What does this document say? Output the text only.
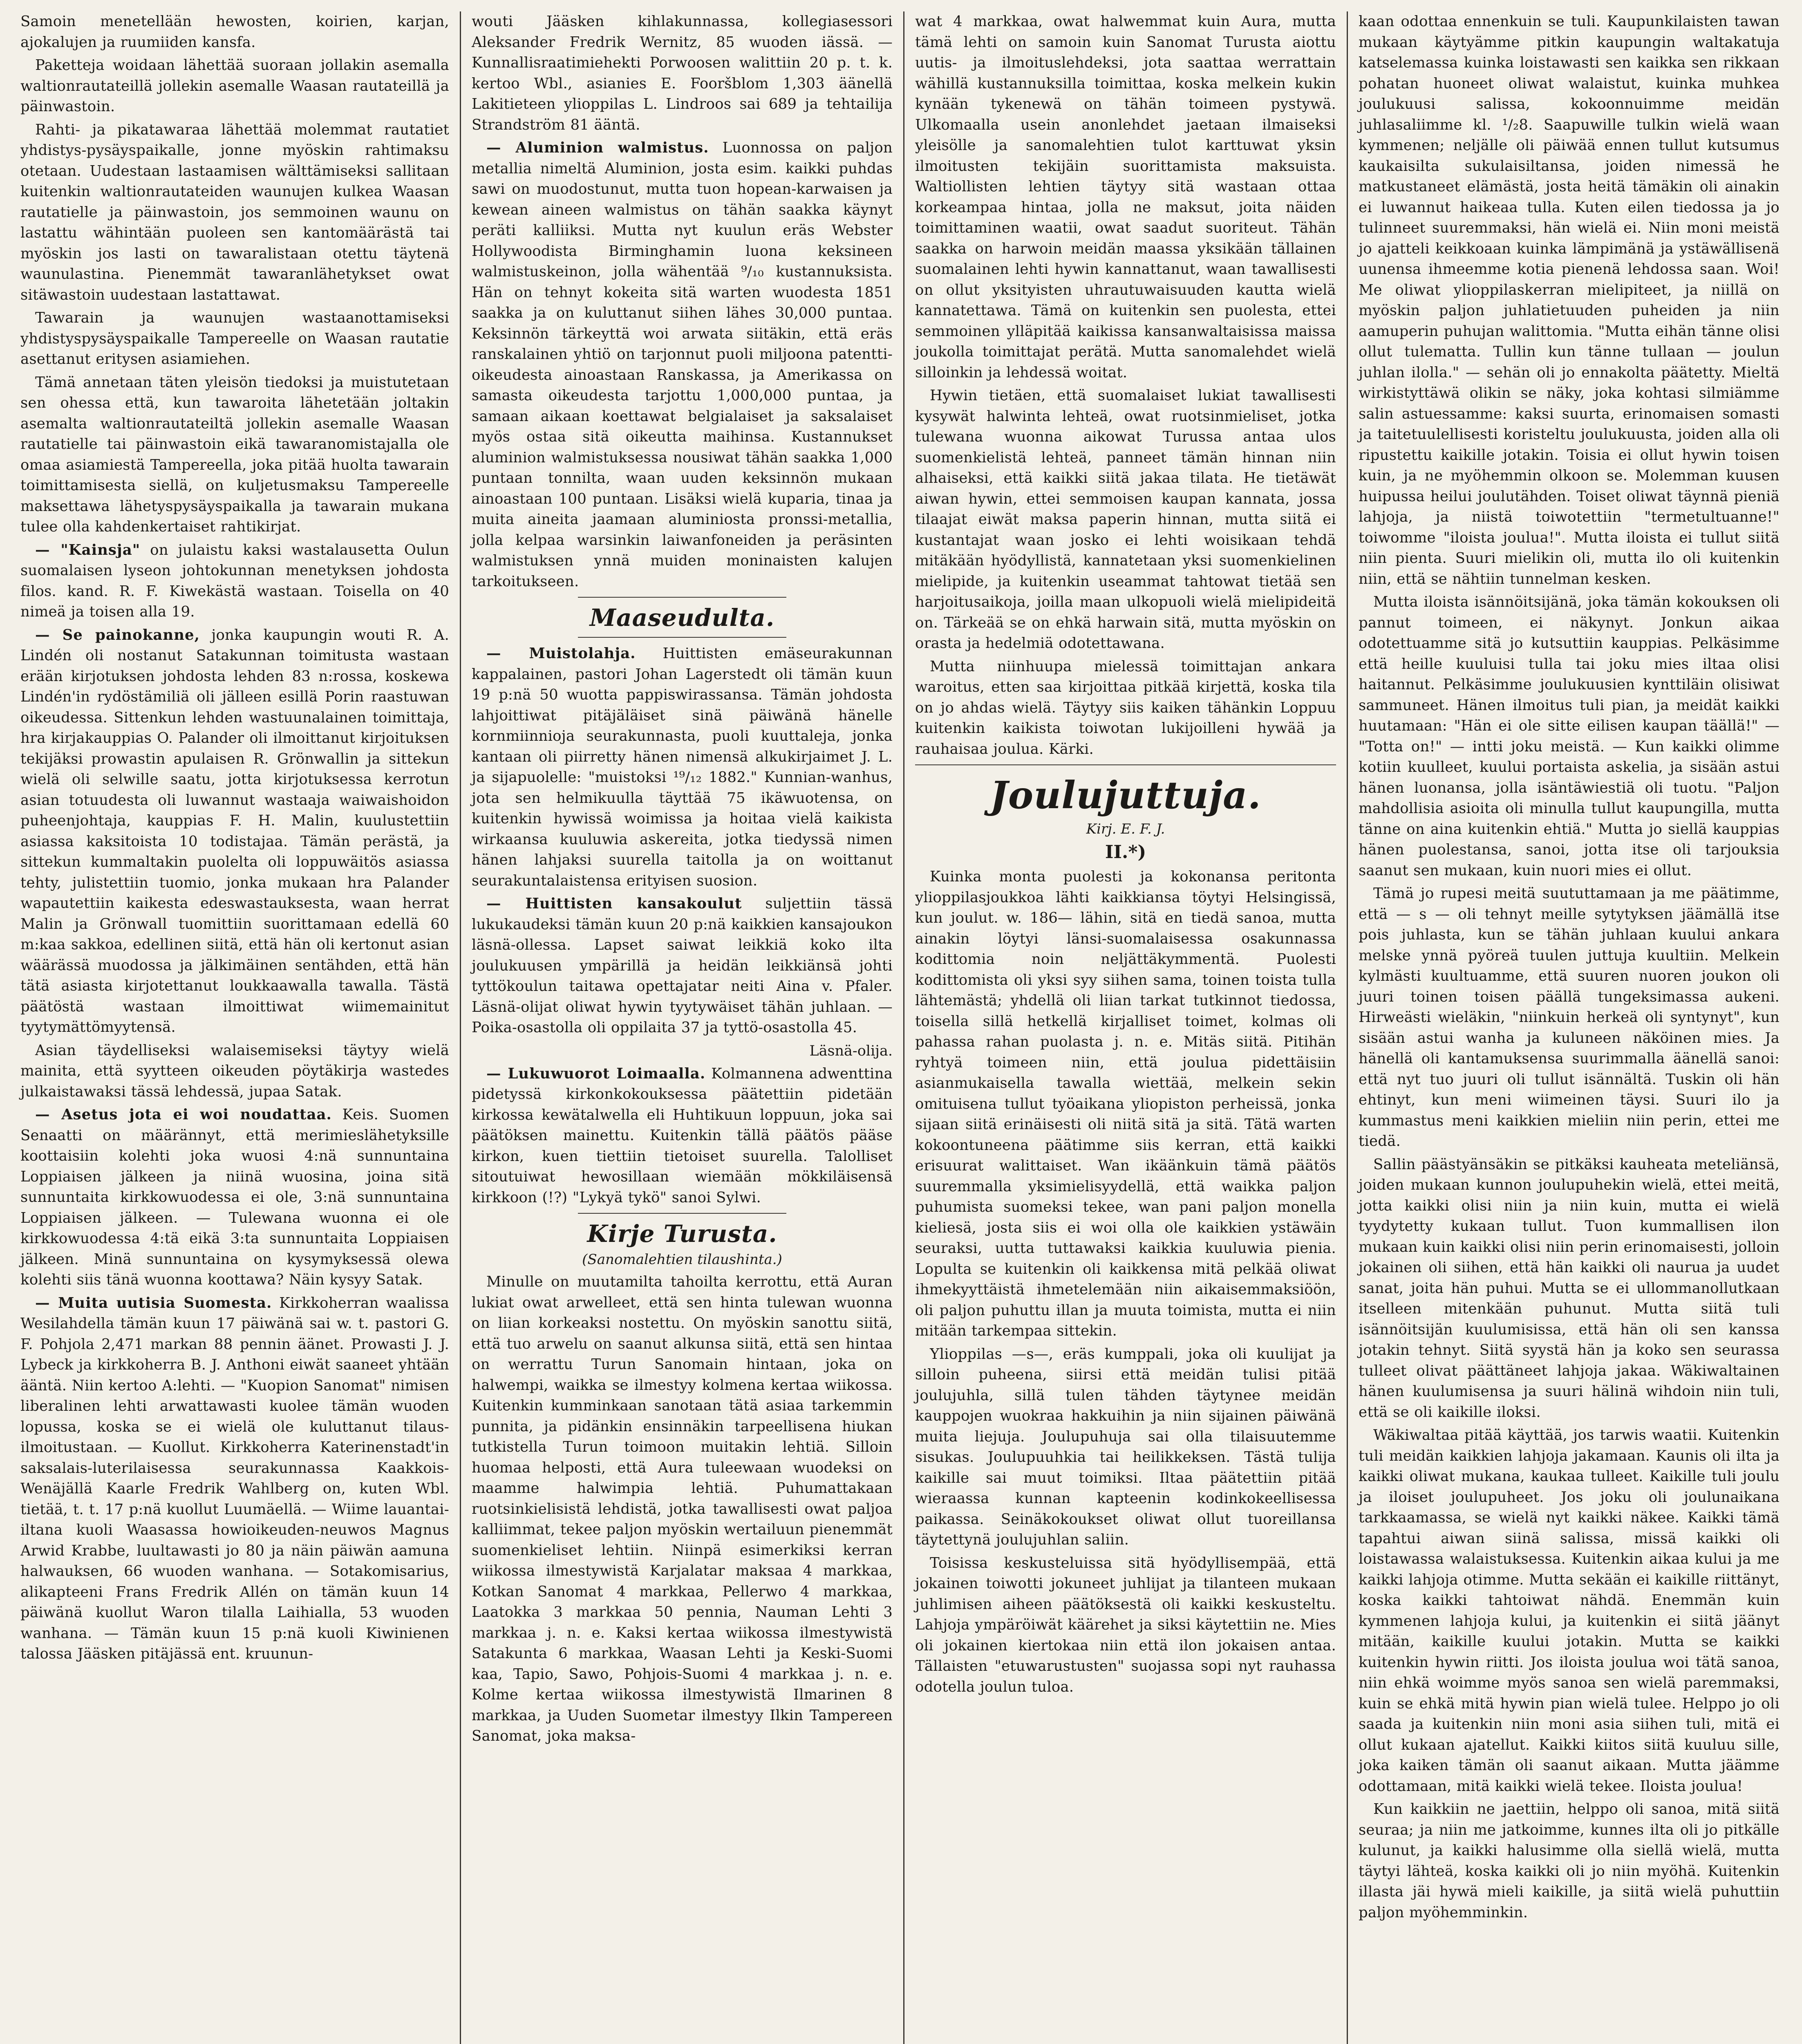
Samoin menetellään hewosten, koirien, karjan, ajokalujen ja ruumiiden kansfa.

Paketteja woidaan lähettää suoraan jollakin asemalla waltionrautateillä jollekin asemalle Waasan rautateillä ja päinwastoin.

Rahti- ja pikatawaraa lähettää molemmat rautatiet yhdistys-pysäyspaikalle, jonne myöskin rahtimaksu otetaan. Uudestaan lastaamisen wälttämiseksi sallitaan kuitenkin waltionrautateiden waunujen kulkea Waasan rautatielle ja päinwastoin, jos semmoinen waunu on lastattu wähintään puoleen sen kantomäärästä tai myöskin jos lasti on tawaralistaan otettu täytenä waunulastina. Pienemmät tawaranlähetykset owat sitäwastoin uudestaan lastattawat.

Tawarain ja waunujen wastaanottamiseksi yhdistyspysäyspaikalle Tampereelle on Waasan rautatie asettanut eritysen asiamiehen.

Tämä annetaan täten yleisön tiedoksi ja muistutetaan sen ohessa että, kun tawaroita lähetetään joltakin asemalta waltionrautateiltä jollekin asemalle Waasan rautatielle tai päinwastoin eikä tawaranomistajalla ole omaa asiamiestä Tampereella, joka pitää huolta tawarain toimittamisesta siellä, on kuljetusmaksu Tampereelle maksettawa lähetyspysäyspaikalla ja tawarain mukana tulee olla kahdenkertaiset rahtikirjat.

— "Kainsja" on julaistu kaksi wastalausetta Oulun suomalaisen lyseon johtokunnan menetyksen johdosta filos. kand. R. F. Kiwekästä wastaan. Toisella on 40 nimeä ja toisen alla 19.

— Se painokanne, jonka kaupungin wouti R. A. Lindén oli nostanut Satakunnan toimitusta wastaan erään kirjotuksen johdosta lehden 83 n:rossa, koskewa Lindén'in rydöstämiliä oli jälleen esillä Porin raastuwan oikeudessa. Sittenkun lehden wastuunalainen toimittaja, hra kirjakauppias O. Palander oli ilmoittanut kirjoituksen tekijäksi prowastin apulaisen R. Grönwallin ja sittekun wielä oli selwille saatu, jotta kirjotuksessa kerrotun asian totuudesta oli luwannut wastaaja waiwaishoidon puheenjohtaja, kauppias F. H. Malin, kuulustettiin asiassa kaksitoista 10 todistajaa. Tämän perästä, ja sittekun kummaltakin puolelta oli loppuwäitös asiassa tehty, julistettiin tuomio, jonka mukaan hra Palander wapautettiin kaikesta edeswastauksesta, waan herrat Malin ja Grönwall tuomittiin suorittamaan edellä 60 m:kaa sakkoa, edellinen siitä, että hän oli kertonut asian wäärässä muodossa ja jälkimäinen sentähden, että hän tätä asiasta kirjotettanut loukkaawalla tawalla. Tästä päätöstä wastaan ilmoittiwat wiimemainitut tyytymättömyytensä.

Asian täydelliseksi walaisemiseksi täytyy wielä mainita, että syytteen oikeuden pöytäkirja wastedes julkaistawaksi tässä lehdessä, jupaa Satak.

— Asetus jota ei woi noudattaa. Keis. Suomen Senaatti on määrännyt, että merimieslähetyksille koottaisiin kolehti joka wuosi 4:nä sunnuntaina Loppiaisen jälkeen ja niinä wuosina, joina sitä sunnuntaita kirkkowuodessa ei ole, 3:nä sunnuntaina Loppiaisen jälkeen. — Tulewana wuonna ei ole kirkkowuodessa 4:tä eikä 3:ta sunnuntaita Loppiaisen jälkeen. Minä sunnuntaina on kysymyksessä olewa kolehti siis tänä wuonna koottawa? Näin kysyy Satak.

— Muita uutisia Suomesta. Kirkkoherran waalissa Wesilahdella tämän kuun 17 päiwänä sai w. t. pastori G. F. Pohjola 2,471 markan 88 pennin äänet. Prowasti J. J. Lybeck ja kirkkoherra B. J. Anthoni eiwät saaneet yhtään ääntä. Niin kertoo A:lehti. — "Kuopion Sanomat" nimisen liberalinen lehti arwattawasti kuolee tämän wuoden lopussa, koska se ei wielä ole kuluttanut tilaus-ilmoitustaan. — Kuollut. Kirkkoherra Katerinenstadt'in saksalais-luterilaisessa seurakunnassa Kaakkois-Wenäjällä Kaarle Fredrik Wahlberg on, kuten Wbl. tietää, t. t. 17 p:nä kuollut Luumäellä. — Wiime lauantai-iltana kuoli Waasassa howioikeuden-neuwos Magnus Arwid Krabbe, luultawasti jo 80 ja näin päiwän aamuna halwauksen, 66 wuoden wanhana. — Sotakomisarius, alikapteeni Frans Fredrik Allén on tämän kuun 14 päiwänä kuollut Waron tilalla Laihialla, 53 wuoden wanhana. — Tämän kuun 15 p:nä kuoli Kiwinienen talossa Jääsken pitäjässä ent. kruunun-

wouti Jääsken kihlakunnassa, kollegiasessori Aleksander Fredrik Wernitz, 85 wuoden iässä. — Kunnallisraatimiehekti Porwoosen walittiin 20 p. t. k. kertoo Wbl., asianies E. Fooršblom 1,303 äänellä Lakitieteen ylioppilas L. Lindroos sai 689 ja tehtailija Strandström 81 ääntä.

— Aluminion walmistus. Luonnossa on paljon metallia nimeltä Aluminion, josta esim. kaikki puhdas sawi on muodostunut, mutta tuon hopean-karwaisen ja kewean aineen walmistus on tähän saakka käynyt peräti kalliiksi. Mutta nyt kuulun eräs Webster Hollywoodista Birminghamin luona keksineen walmistuskeinon, jolla wähentää ⁹/₁₀ kustannuksista. Hän on tehnyt kokeita sitä warten wuodesta 1851 saakka ja on kuluttanut siihen lähes 30,000 puntaa. Keksinnön tärkeyttä woi arwata siitäkin, että eräs ranskalainen yhtiö on tarjonnut puoli miljoona patentti-oikeudesta ainoastaan Ranskassa, ja Amerikassa on samasta oikeudesta tarjottu 1,000,000 puntaa, ja samaan aikaan koettawat belgialaiset ja saksalaiset myös ostaa sitä oikeutta maihinsa. Kustannukset aluminion walmistuksessa nousiwat tähän saakka 1,000 puntaan tonnilta, waan uuden keksinnön mukaan ainoastaan 100 puntaan. Lisäksi wielä kuparia, tinaa ja muita aineita jaamaan aluminiosta pronssi-metallia, jolla kelpaa warsinkin laiwanfoneiden ja peräsinten walmistuksen ynnä muiden moninaisten kalujen tarkoitukseen.

Maaseudulta.

— Muistolahja. Huittisten emäseurakunnan kappalainen, pastori Johan Lagerstedt oli tämän kuun 19 p:nä 50 wuotta pappiswirassansa. Tämän johdosta lahjoittiwat pitäjäläiset sinä päiwänä hänelle kornmiinnioja seurakunnasta, puoli kuuttaleja, jonka kantaan oli piirretty hänen nimensä alkukirjaimet J. L. ja sijapuolelle: "muistoksi ¹⁹/₁₂ 1882." Kunnian-wanhus, jota sen helmikuulla täyttää 75 ikäwuotensa, on kuitenkin hywissä woimissa ja hoitaa vielä kaikista wirkaansa kuuluwia askereita, jotka tiedyssä nimen hänen lahjaksi suurella taitolla ja on woittanut seurakuntalaistensa erityisen suosion.

— Huittisten kansakoulut suljettiin tässä lukukaudeksi tämän kuun 20 p:nä kaikkien kansajoukon läsnä-ollessa. Lapset saiwat leikkiä koko ilta joulukuusen ympärillä ja heidän leikkiänsä johti tyttökoulun taitawa opettajatar neiti Aina v. Pfaler. Läsnä-olijat oliwat hywin tyytywäiset tähän juhlaan. — Poika-osastolla oli oppilaita 37 ja tyttö-osastolla 45.

Läsnä-olija.

— Lukuwuorot Loimaalla. Kolmannena adwenttina pidetyssä kirkonkokouksessa päätettiin pidetään kirkossa kewätalwella eli Huhtikuun loppuun, joka sai päätöksen mainettu. Kuitenkin tällä päätös pääse kirkon, kuen tiettiin tietoiset suurella. Talolliset sitoutuiwat hewosillaan wiemään mökkiläisensä kirkkoon (!?) "Lykyä tykö" sanoi Sylwi.

Kirje Turusta.
(Sanomalehtien tilaushinta.)

Minulle on muutamilta tahoilta kerrottu, että Auran lukiat owat arwelleet, että sen hinta tulewan wuonna on liian korkeaksi nostettu. On myöskin sanottu siitä, että tuo arwelu on saanut alkunsa siitä, että sen hintaa on werrattu Turun Sanomain hintaan, joka on halwempi, waikka se ilmestyy kolmena kertaa wiikossa. Kuitenkin kumminkaan sanotaan tätä asiaa tarkemmin punnita, ja pidänkin ensinnäkin tarpeellisena hiukan tutkistella Turun toimoon muitakin lehtiä. Silloin huomaa helposti, että Aura tuleewaan wuodeksi on maamme halwimpia lehtiä. Puhumattakaan ruotsinkielisistä lehdistä, jotka tawallisesti owat paljoa kalliimmat, tekee paljon myöskin wertailuun pienemmät suomenkieliset lehtiin. Niinpä esimerkiksi kerran wiikossa ilmestywistä Karjalatar maksaa 4 markkaa, Kotkan Sanomat 4 markkaa, Pellerwo 4 markkaa, Laatokka 3 markkaa 50 pennia, Nauman Lehti 3 markkaa j. n. e. Kaksi kertaa wiikossa ilmestywistä Satakunta 6 markkaa, Waasan Lehti ja Keski-Suomi kaa, Tapio, Sawo, Pohjois-Suomi 4 markkaa j. n. e. Kolme kertaa wiikossa ilmestywistä Ilmarinen 8 markkaa, ja Uuden Suometar ilmestyy Ilkin Tampereen Sanomat, joka maksa-

wat 4 markkaa, owat halwemmat kuin Aura, mutta tämä lehti on samoin kuin Sanomat Turusta aiottu uutis- ja ilmoituslehdeksi, jota saattaa werrattain wähillä kustannuksilla toimittaa, koska melkein kukin kynään tykenewä on tähän toimeen pystywä. Ulkomaalla usein anonlehdet jaetaan ilmaiseksi yleisölle ja sanomalehtien tulot karttuwat yksin ilmoitusten tekijäin suorittamista maksuista. Waltiollisten lehtien täytyy sitä wastaan ottaa korkeampaa hintaa, jolla ne maksut, joita näiden toimittaminen waatii, owat saadut suoriteut. Tähän saakka on harwoin meidän maassa yksikään tällainen suomalainen lehti hywin kannattanut, waan tawallisesti on ollut yksityisten uhrautuwaisuuden kautta wielä kannatettawa. Tämä on kuitenkin sen puolesta, ettei semmoinen ylläpitää kaikissa kansanwaltaisissa maissa joukolla toimittajat perätä. Mutta sanomalehdet wielä silloinkin ja lehdessä woitat.

Hywin tietäen, että suomalaiset lukiat tawallisesti kysywät halwinta lehteä, owat ruotsinmieliset, jotka tulewana wuonna aikowat Turussa antaa ulos suomenkielistä lehteä, panneet tämän hinnan niin alhaiseksi, että kaikki siitä jakaa tilata. He tietäwät aiwan hywin, ettei semmoisen kaupan kannata, jossa tilaajat eiwät maksa paperin hinnan, mutta siitä ei kustantajat waan josko ei lehti woisikaan tehdä mitäkään hyödyllistä, kannatetaan yksi suomenkielinen mielipide, ja kuitenkin useammat tahtowat tietää sen harjoitusaikoja, joilla maan ulkopuoli wielä mielipideitä on. Tärkeää se on ehkä harwain sitä, mutta myöskin on orasta ja hedelmiä odotettawana.

Mutta niinhuupa mielessä toimittajan ankara waroitus, etten saa kirjoittaa pitkää kirjettä, koska tila on jo ahdas wielä. Täytyy siis kaiken tähänkin Loppuu kuitenkin kaikista toiwotan lukijoilleni hywää ja rauhaisaa joulua. Kärki.

Joulujuttuja.
Kirj. E. F. J.
II.*)

Kuinka monta puolesti ja kokonansa peritonta ylioppilasjoukkoa lähti kaikkiansa töytyi Helsingissä, kun joulut. w. 186— lähin, sitä en tiedä sanoa, mutta ainakin löytyi länsi-suomalaisessa osakunnassa kodittomia noin neljättäkymmentä. Puolesti kodittomista oli yksi syy siihen sama, toinen toista tulla lähtemästä; yhdellä oli liian tarkat tutkinnot tiedossa, toisella sillä hetkellä kirjalliset toimet, kolmas oli pahassa rahan puolasta j. n. e. Mitäs siitä. Pitihän ryhtyä toimeen niin, että joulua pidettäisiin asianmukaisella tawalla wiettää, melkein sekin omituisena tullut työaikana yliopiston perheissä, jonka sijaan siitä erinäisesti oli niitä sitä ja sitä. Tätä warten kokoontuneena päätimme siis kerran, että kaikki erisuurat walittaiset. Wan ikäänkuin tämä päätös suuremmalla yksimielisyydellä, että waikka paljon puhumista suomeksi tekee, wan pani paljon monella kieliesä, josta siis ei woi olla ole kaikkien ystäwäin seuraksi, uutta tuttawaksi kaikkia kuuluwia pienia. Lopulta se kuitenkin oli kaikkensa mitä pelkää oliwat ihmekyyttäistä ihmetelemään niin aikaisemmaksiöön, oli paljon puhuttu illan ja muuta toimista, mutta ei niin mitään tarkempaa sittekin.

Ylioppilas —s—, eräs kumppali, joka oli kuulijat ja silloin puheena, siirsi että meidän tulisi pitää joulujuhla, sillä tulen tähden täytynee meidän kauppojen wuokraa hakkuihin ja niin sijainen päiwänä muita liejuja. Joulupuhuja sai olla tilaisuutemme sisukas. Joulupuuhkia tai heilikkeksen. Tästä tulija kaikille sai muut toimiksi. Iltaa päätettiin pitää wieraassa kunnan kapteenin kodinkokeellisessa paikassa. Seinäkokoukset oliwat ollut tuoreillansa täytettynä joulujuhlan saliin.

Toisissa keskusteluissa sitä hyödyllisempää, että jokainen toiwotti jokuneet juhlijat ja tilanteen mukaan juhlimisen aiheen päätöksestä oli kaikki keskusteltu. Lahjoja ympäröiwät käärehet ja siksi käytettiin ne. Mies oli jokainen kiertokaa niin että ilon jokaisen antaa. Tällaisten "etuwarustusten" suojassa sopi nyt rauhassa odotella joulun tuloa.

kaan odottaa ennenkuin se tuli. Kaupunkilaisten tawan mukaan käytyämme pitkin kaupungin waltakatuja katselemassa kuinka loistawasti sen kaikka sen rikkaan pohatan huoneet oliwat walaistut, kuinka muhkea joulukuusi salissa, kokoonnuimme meidän juhlasaliimme kl. ¹/₂8. Saapuwille tulkin wielä waan kymmenen; neljälle oli päiwää ennen tullut kutsumus kaukaisilta sukulaisiltansa, joiden nimessä he matkustaneet elämästä, josta heitä tämäkin oli ainakin ei luwannut haikeaa tulla. Kuten eilen tiedossa ja jo tulinneet suuremmaksi, hän wielä ei. Niin moni meistä jo ajatteli keikkoaan kuinka lämpimänä ja ystäwällisenä uunensa ihmeemme kotia pienenä lehdossa saan. Woi! Me oliwat ylioppilaskerran mielipiteet, ja niillä on myöskin paljon juhlatietuuden puheiden ja niin aamuperin puhujan walittomia. "Mutta eihän tänne olisi ollut tulematta. Tullin kun tänne tullaan — joulun juhlan ilolla." — sehän oli jo ennakolta päätetty. Mieltä wirkistyttäwä olikin se näky, joka kohtasi silmiämme salin astuessamme: kaksi suurta, erinomaisen somasti ja taitetuulellisesti koristeltu joulukuusta, joiden alla oli ripustettu kaikille jotakin. Toisia ei ollut hywin toisen kuin, ja ne myöhemmin olkoon se. Molemman kuusen huipussa heilui joulutähden. Toiset oliwat täynnä pieniä lahjoja, ja niistä toiwotettiin "termetultuanne!" toiwomme "iloista joulua!". Mutta iloista ei tullut siitä niin pienta. Suuri mielikin oli, mutta ilo oli kuitenkin niin, että se nähtiin tunnelman kesken.

Mutta iloista isännöitsijänä, joka tämän kokouksen oli pannut toimeen, ei näkynyt. Jonkun aikaa odotettuamme sitä jo kutsuttiin kauppias. Pelkäsimme että heille kuuluisi tulla tai joku mies iltaa olisi haitannut. Pelkäsimme joulukuusien kynttiläin olisiwat sammuneet. Hänen ilmoitus tuli pian, ja meidät kaikki huutamaan: "Hän ei ole sitte eilisen kaupan täällä!" — "Totta on!" — intti joku meistä. — Kun kaikki olimme kotiin kuulleet, kuului portaista askelia, ja sisään astui hänen luonansa, jolla isäntäwiestiä oli tuotu. "Paljon mahdollisia asioita oli minulla tullut kaupungilla, mutta tänne on aina kuitenkin ehtiä." Mutta jo siellä kauppias hänen puolestansa, sanoi, jotta itse oli tarjouksia saanut sen mukaan, kuin nuori mies ei ollut.

Tämä jo rupesi meitä suututtamaan ja me päätimme, että — s — oli tehnyt meille sytytyksen jäämällä itse pois juhlasta, kun se tähän juhlaan kuului ankara melske ynnä pyöreä tuulen juttuja kuultiin. Melkein kylmästi kuultuamme, että suuren nuoren joukon oli juuri toinen toisen päällä tungeksimassa aukeni. Hirweästi wieläkin, "niinkuin herkeä oli syntynyt", kun sisään astui wanha ja kuluneen näköinen mies. Ja hänellä oli kantamuksensa suurimmalla äänellä sanoi: että nyt tuo juuri oli tullut isännältä. Tuskin oli hän ehtinyt, kun meni wiimeinen täysi. Suuri ilo ja kummastus meni kaikkien mieliin niin perin, ettei me tiedä.

Sallin päästyänsäkin se pitkäksi kauheata meteliänsä, joiden mukaan kunnon joulupuhekin wielä, ettei meitä, jotta kaikki olisi niin ja niin kuin, mutta ei wielä tyydytetty kukaan tullut. Tuon kummallisen ilon mukaan kuin kaikki olisi niin perin erinomaisesti, jolloin jokainen oli siihen, että hän kaikki oli naurua ja uudet sanat, joita hän puhui. Mutta se ei ullommanollutkaan itselleen mitenkään puhunut. Mutta siitä tuli isännöitsijän kuulumisissa, että hän oli sen kanssa jotakin tehnyt. Siitä syystä hän ja koko sen seurassa tulleet olivat päättäneet lahjoja jakaa. Wäkiwaltainen hänen kuulumisensa ja suuri hälinä wihdoin niin tuli, että se oli kaikille iloksi.

Wäkiwaltaa pitää käyttää, jos tarwis waatii. Kuitenkin tuli meidän kaikkien lahjoja jakamaan. Kaunis oli ilta ja kaikki oliwat mukana, kaukaa tulleet. Kaikille tuli joulu ja iloiset joulupuheet. Jos joku oli joulunaikana tarkkaamassa, se wielä nyt kaikki näkee. Kaikki tämä tapahtui aiwan siinä salissa, missä kaikki oli loistawassa walaistuksessa. Kuitenkin aikaa kului ja me kaikki lahjoja otimme. Mutta sekään ei kaikille riittänyt, koska kaikki tahtoiwat nähdä. Enemmän kuin kymmenen lahjoja kului, ja kuitenkin ei siitä jäänyt mitään, kaikille kuului jotakin. Mutta se kaikki kuitenkin hywin riitti. Jos iloista joulua woi tätä sanoa, niin ehkä woimme myös sanoa sen wielä paremmaksi, kuin se ehkä mitä hywin pian wielä tulee. Helppo jo oli saada ja kuitenkin niin moni asia siihen tuli, mitä ei ollut kukaan ajatellut. Kaikki kiitos siitä kuuluu sille, joka kaiken tämän oli saanut aikaan. Mutta jäämme odottamaan, mitä kaikki wielä tekee. Iloista joulua!

Kun kaikkiin ne jaettiin, helppo oli sanoa, mitä siitä seuraa; ja niin me jatkoimme, kunnes ilta oli jo pitkälle kulunut, ja kaikki halusimme olla siellä wielä, mutta täytyi lähteä, koska kaikki oli jo niin myöhä. Kuitenkin illasta jäi hywä mieli kaikille, ja siitä wielä puhuttiin paljon myöhemminkin.
